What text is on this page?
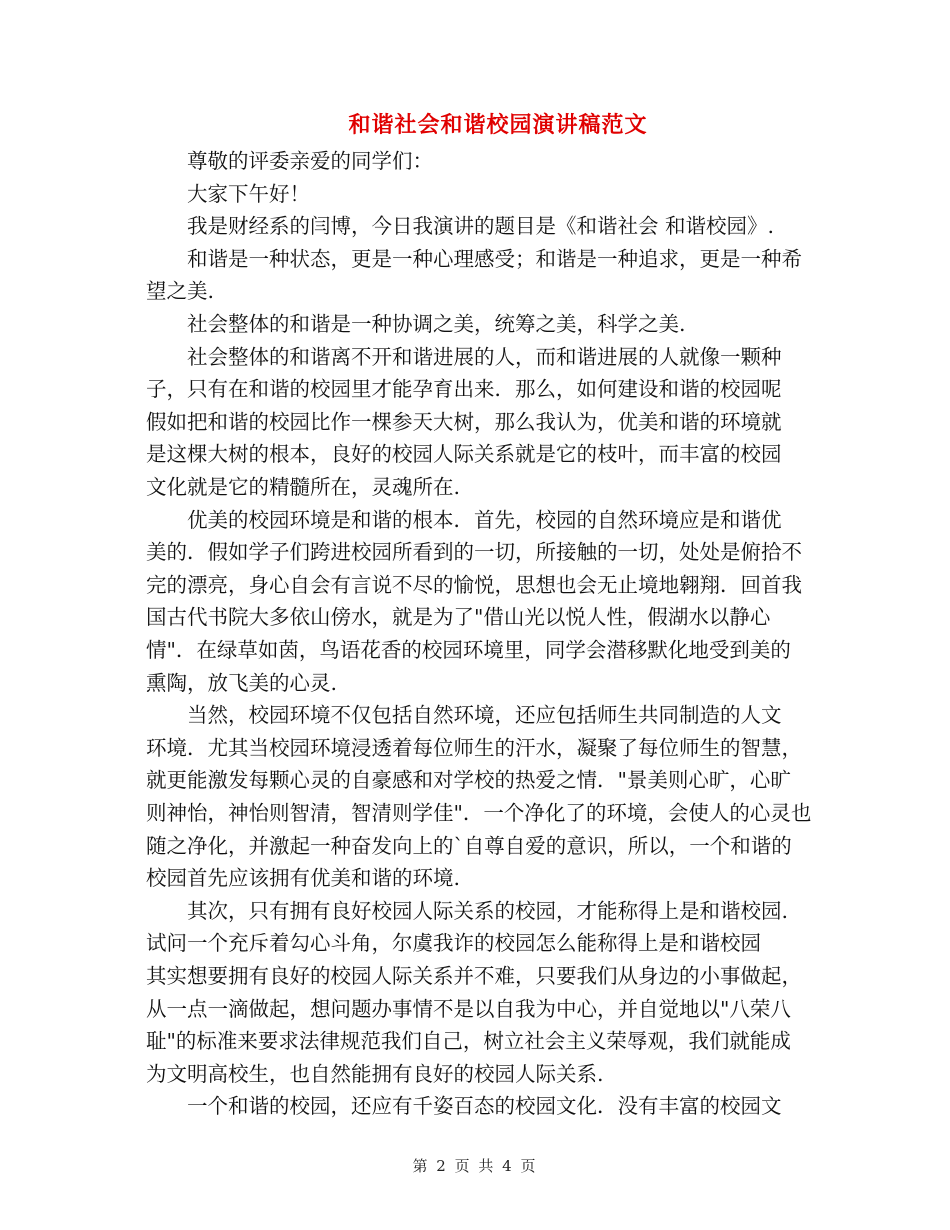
和谐社会和谐校园演讲稿范文
尊敬的评委亲爱的同学们：
大家下午好！
我是财经系的闫博，今日我演讲的题目是《和谐社会 和谐校园》.
和谐是一种状态，更是一种心理感受；和谐是一种追求，更是一种希
望之美.
社会整体的和谐是一种协调之美，统筹之美，科学之美.
社会整体的和谐离不开和谐进展的人，而和谐进展的人就像一颗种
子，只有在和谐的校园里才能孕育出来．那么，如何建设和谐的校园呢
假如把和谐的校园比作一棵参天大树，那么我认为，优美和谐的环境就
是这棵大树的根本，良好的校园人际关系就是它的枝叶，而丰富的校园
文化就是它的精髓所在，灵魂所在.
优美的校园环境是和谐的根本．首先，校园的自然环境应是和谐优
美的．假如学子们跨进校园所看到的一切，所接触的一切，处处是俯拾不
完的漂亮，身心自会有言说不尽的愉悦，思想也会无止境地翱翔．回首我
国古代书院大多依山傍水，就是为了"借山光以悦人性，假湖水以静心
情"．在绿草如茵，鸟语花香的校园环境里，同学会潜移默化地受到美的
熏陶，放飞美的心灵.
当然，校园环境不仅包括自然环境，还应包括师生共同制造的人文
环境．尤其当校园环境浸透着每位师生的汗水，凝聚了每位师生的智慧，
就更能激发每颗心灵的自豪感和对学校的热爱之情．"景美则心旷，心旷
则神怡，神怡则智清，智清则学佳"．一个净化了的环境，会使人的心灵也
随之净化，并激起一种奋发向上的`自尊自爱的意识，所以，一个和谐的
校园首先应该拥有优美和谐的环境.
其次，只有拥有良好校园人际关系的校园，才能称得上是和谐校园.
试问一个充斥着勾心斗角，尔虞我诈的校园怎么能称得上是和谐校园
其实想要拥有良好的校园人际关系并不难，只要我们从身边的小事做起，
从一点一滴做起，想问题办事情不是以自我为中心，并自觉地以"八荣八
耻"的标准来要求法律规范我们自己，树立社会主义荣辱观，我们就能成
为文明高校生，也自然能拥有良好的校园人际关系.
一个和谐的校园，还应有千姿百态的校园文化．没有丰富的校园文
第 2 页 共 4 页
